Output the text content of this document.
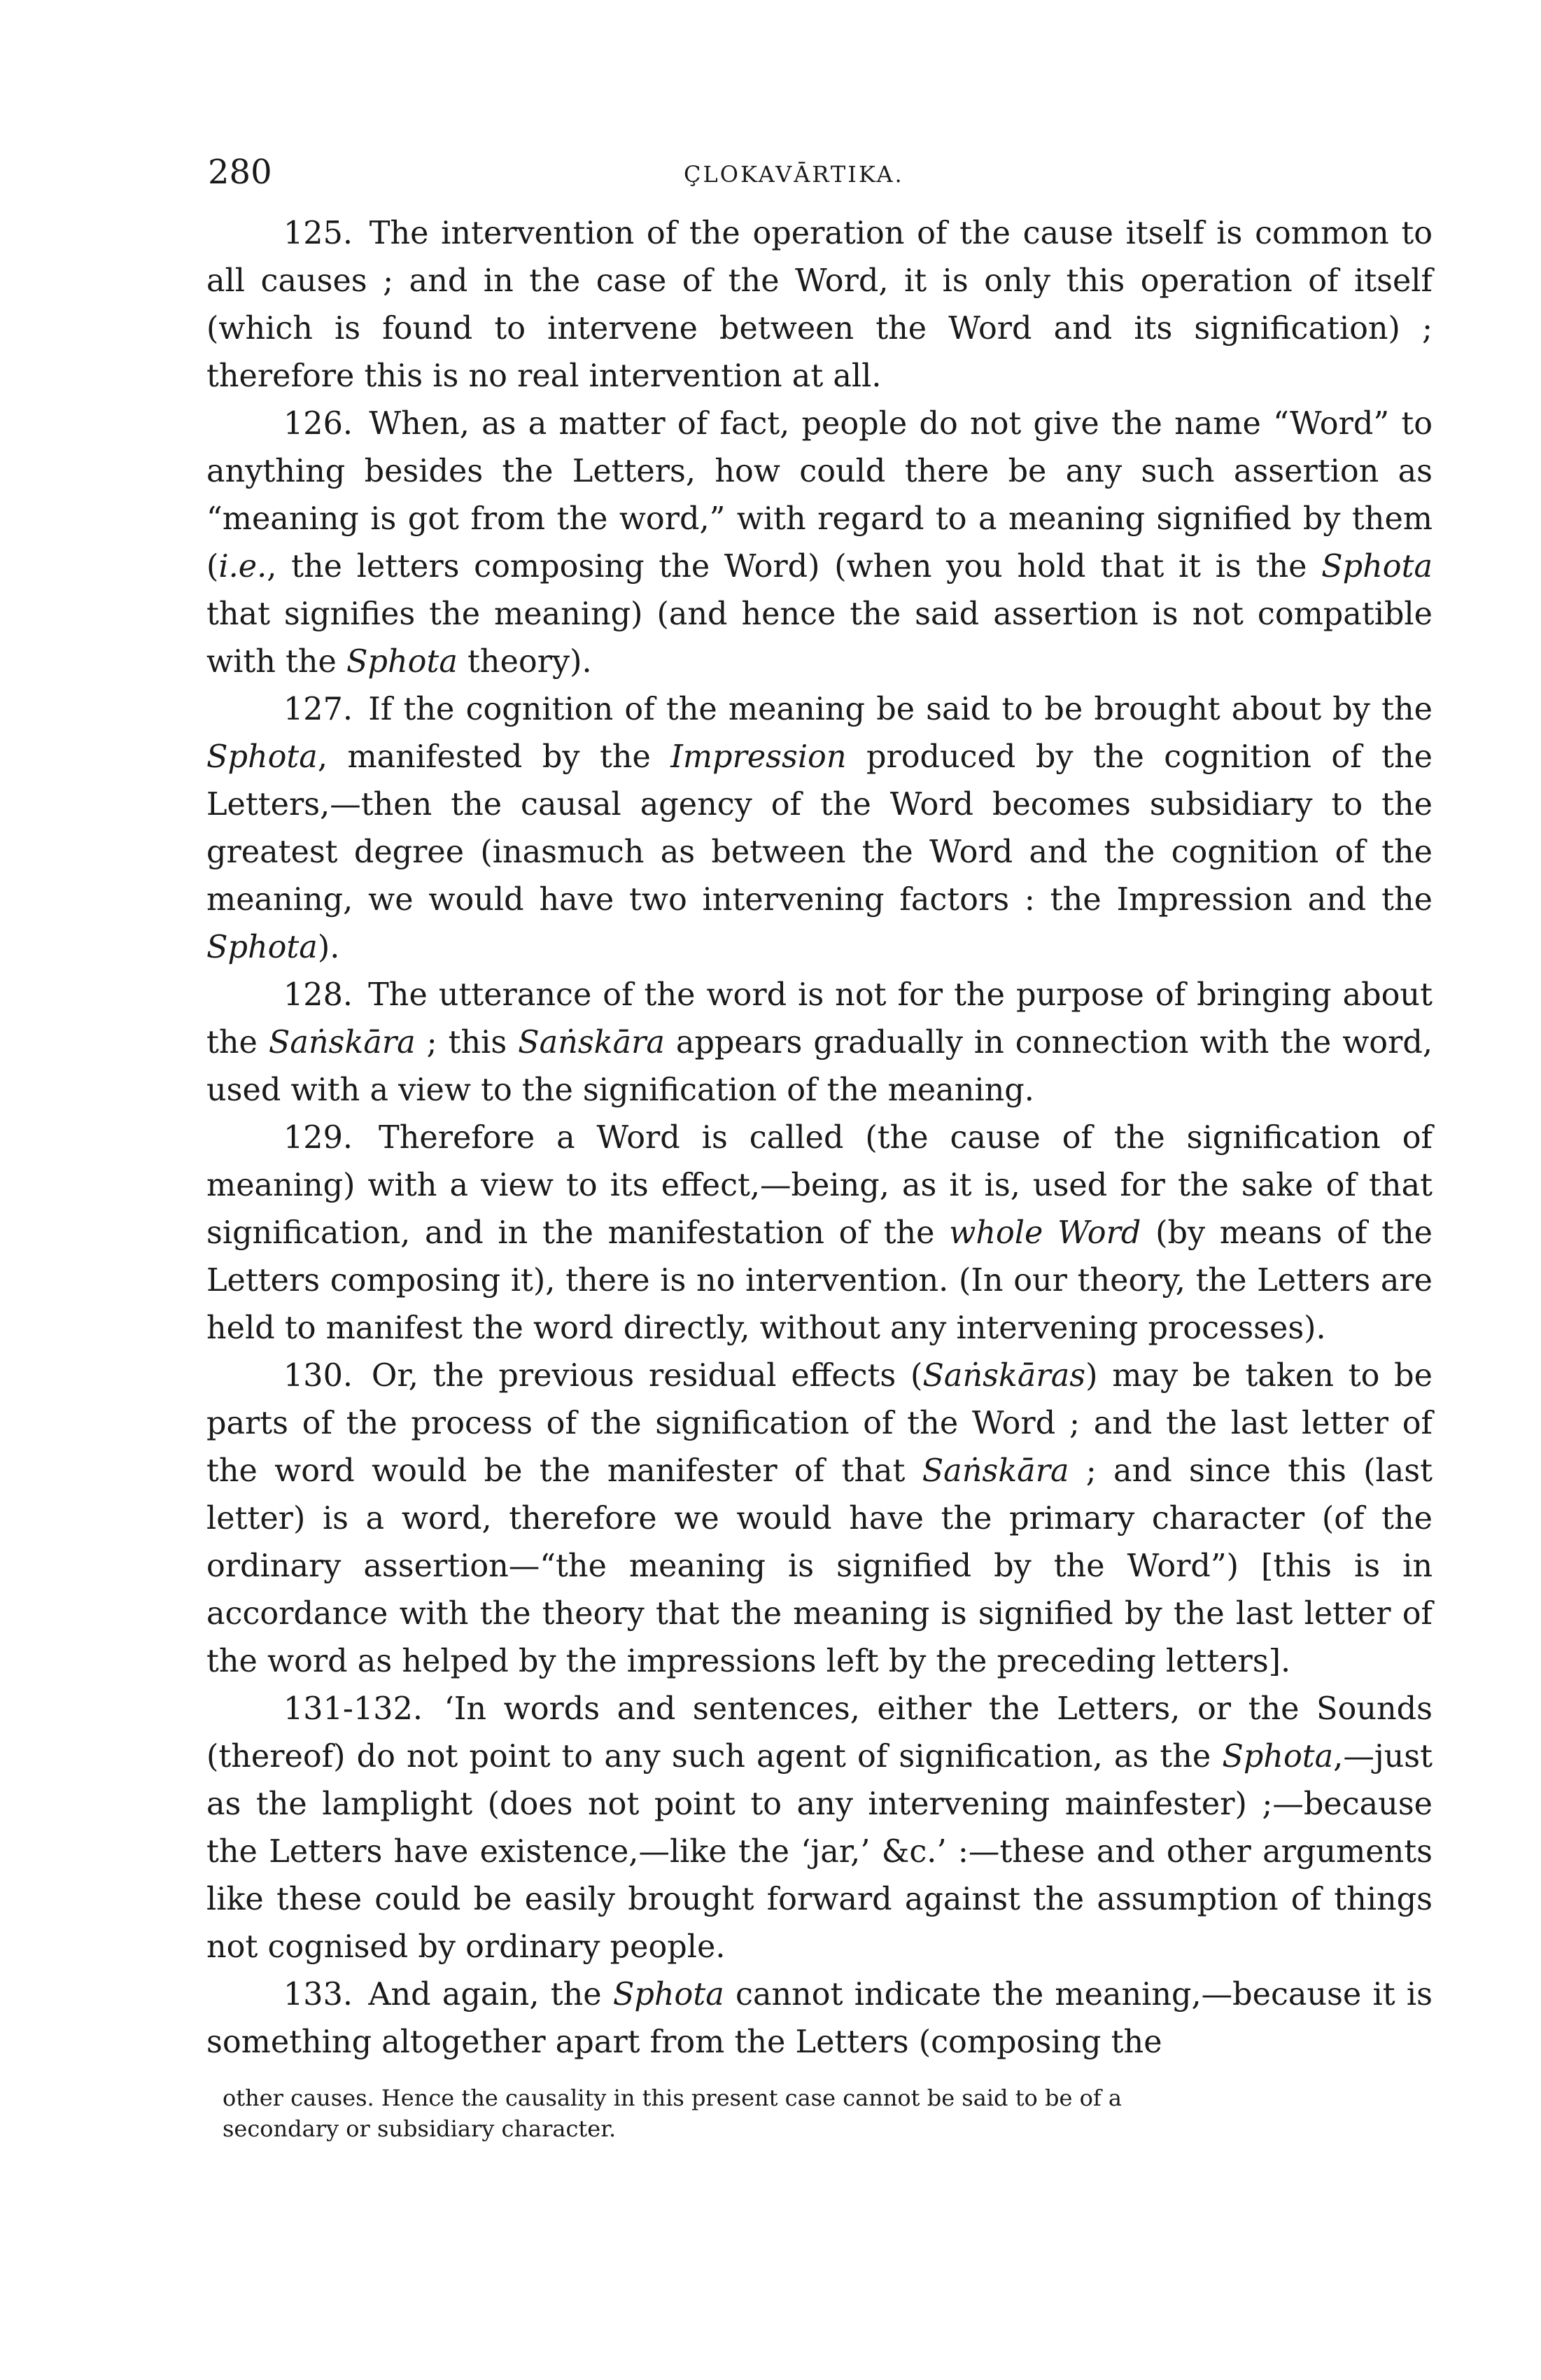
280	ÇLOKAVĀRTIKA.

125. The intervention of the operation of the cause itself is common to all causes ; and in the case of the Word, it is only this operation of itself (which is found to intervene between the Word and its signification) ; therefore this is no real intervention at all.

126. When, as a matter of fact, people do not give the name “Word” to anything besides the Letters, how could there be any such assertion as “meaning is got from the word,” with regard to a meaning signified by them (i.e., the letters composing the Word) (when you hold that it is the Sphota that signifies the meaning) (and hence the said assertion is not compatible with the Sphota theory).

127. If the cognition of the meaning be said to be brought about by the Sphota, manifested by the Impression produced by the cognition of the Letters,—then the causal agency of the Word becomes subsidiary to the greatest degree (inasmuch as between the Word and the cognition of the meaning, we would have two intervening factors : the Impression and the Sphota).

128. The utterance of the word is not for the purpose of bringing about the Saṅskāra ; this Saṅskāra appears gradually in connection with the word, used with a view to the signification of the meaning.

129. Therefore a Word is called (the cause of the signification of meaning) with a view to its effect,—being, as it is, used for the sake of that signification, and in the manifestation of the whole Word (by means of the Letters composing it), there is no intervention. (In our theory, the Letters are held to manifest the word directly, without any intervening processes).

130. Or, the previous residual effects (Saṅskāras) may be taken to be parts of the process of the signification of the Word ; and the last letter of the word would be the manifester of that Saṅskāra ; and since this (last letter) is a word, therefore we would have the primary character (of the ordinary assertion—“the meaning is signified by the Word”) [this is in accordance with the theory that the meaning is signified by the last letter of the word as helped by the impressions left by the preceding letters].

131-132. ‘In words and sentences, either the Letters, or the Sounds (thereof) do not point to any such agent of signification, as the Sphota,—just as the lamplight (does not point to any intervening mainfester) ;—because the Letters have existence,—like the ‘jar,’ &c.’ :—these and other arguments like these could be easily brought forward against the assumption of things not cognised by ordinary people.

133. And again, the Sphota cannot indicate the meaning,—because it is something altogether apart from the Letters (composing the

other causes. Hence the causality in this present case cannot be said to be of a

secondary or subsidiary character.
